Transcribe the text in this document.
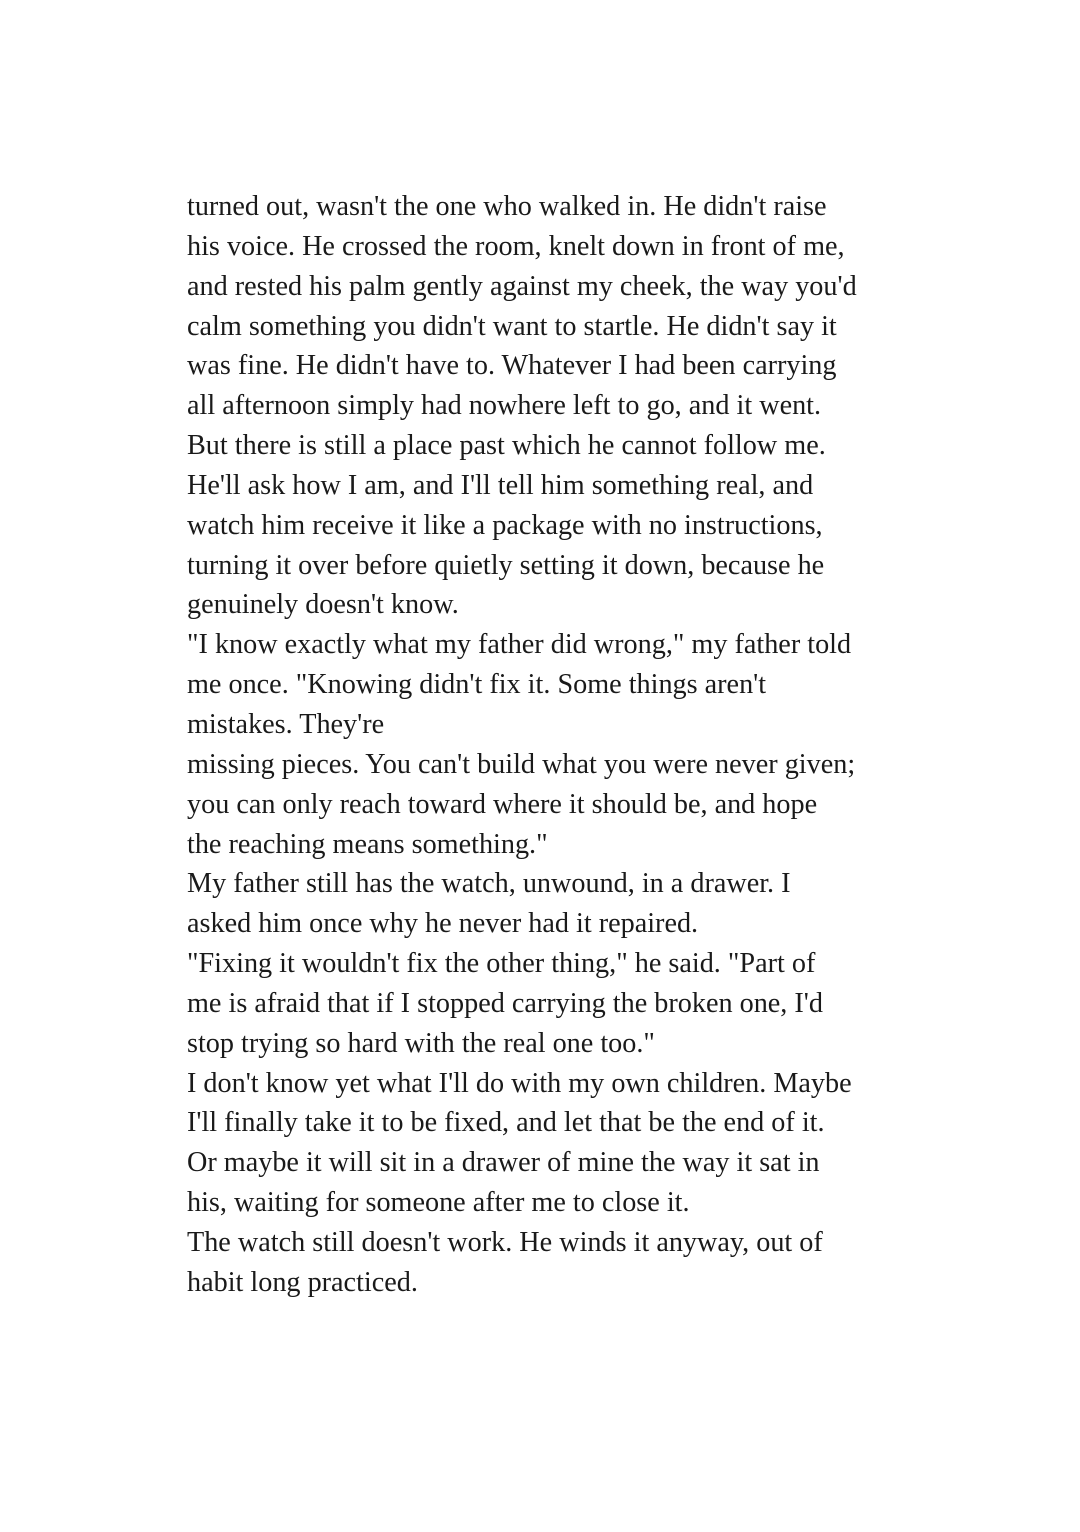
turned out, wasn't the one who walked in. He didn't raise
his voice. He crossed the room, knelt down in front of me,
and rested his palm gently against my cheek, the way you'd
calm something you didn't want to startle. He didn't say it
was fine. He didn't have to. Whatever I had been carrying
all afternoon simply had nowhere left to go, and it went.
But there is still a place past which he cannot follow me.
He'll ask how I am, and I'll tell him something real, and
watch him receive it like a package with no instructions,
turning it over before quietly setting it down, because he
genuinely doesn't know.
"I know exactly what my father did wrong," my father told
me once. "Knowing didn't fix it. Some things aren't
mistakes. They're
missing pieces. You can't build what you were never given;
you can only reach toward where it should be, and hope
the reaching means something."
My father still has the watch, unwound, in a drawer. I
asked him once why he never had it repaired.
"Fixing it wouldn't fix the other thing," he said. "Part of
me is afraid that if I stopped carrying the broken one, I'd
stop trying so hard with the real one too."
I don't know yet what I'll do with my own children. Maybe
I'll finally take it to be fixed, and let that be the end of it.
Or maybe it will sit in a drawer of mine the way it sat in
his, waiting for someone after me to close it.
The watch still doesn't work. He winds it anyway, out of
habit long practiced.
